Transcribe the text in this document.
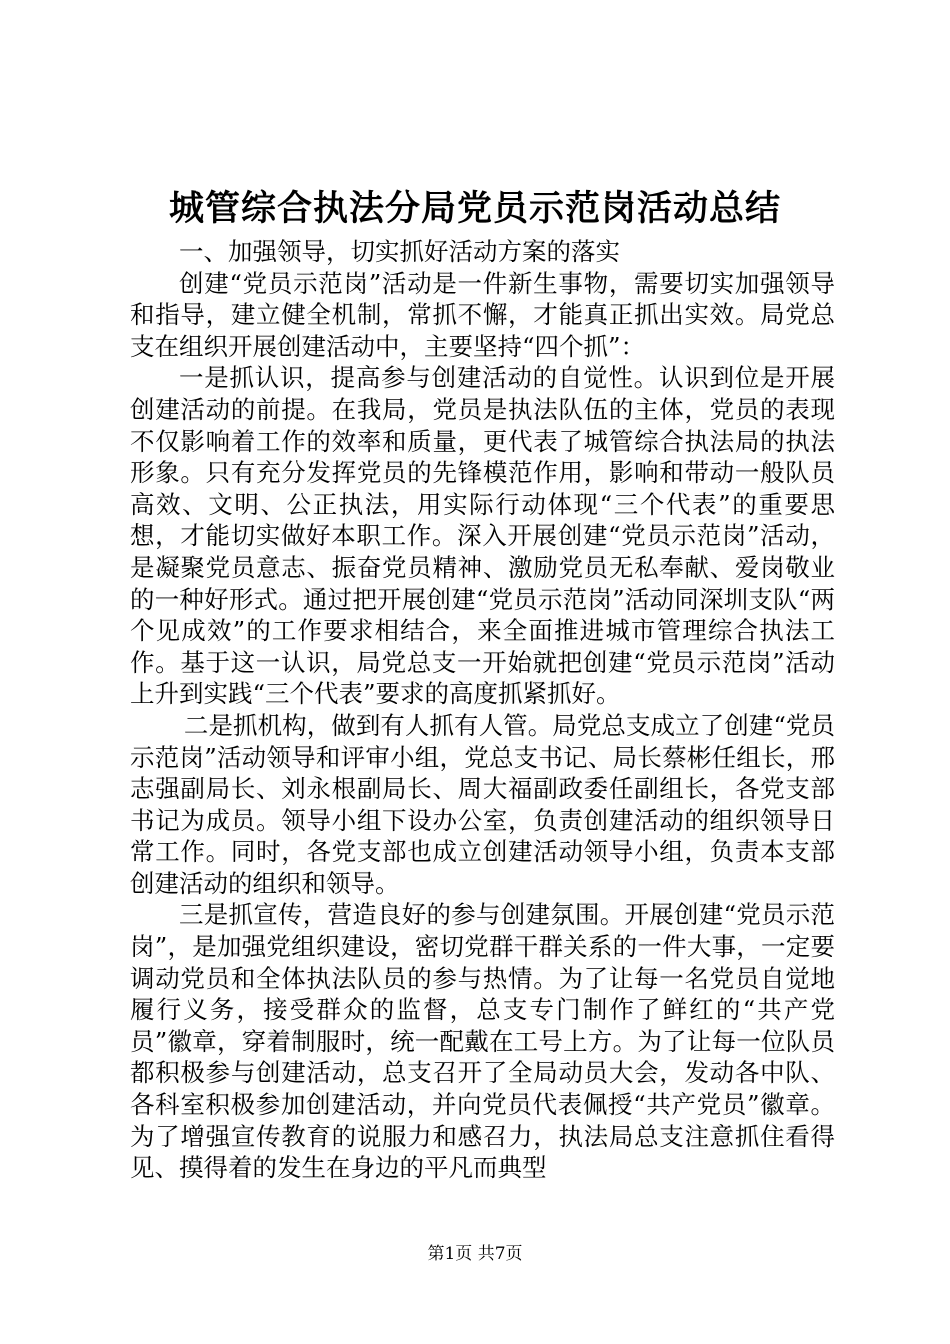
城管综合执法分局党员示范岗活动总结

一、加强领导，切实抓好活动方案的落实

创建“党员示范岗”活动是一件新生事物，需要切实加强领导和指导，建立健全机制，常抓不懈，才能真正抓出实效。局党总支在组织开展创建活动中，主要坚持“四个抓”：

一是抓认识，提高参与创建活动的自觉性。认识到位是开展创建活动的前提。在我局，党员是执法队伍的主体，党员的表现不仅影响着工作的效率和质量，更代表了城管综合执法局的执法形象。只有充分发挥党员的先锋模范作用，影响和带动一般队员高效、文明、公正执法，用实际行动体现“三个代表”的重要思想，才能切实做好本职工作。深入开展创建“党员示范岗”活动，是凝聚党员意志、振奋党员精神、激励党员无私奉献、爱岗敬业的一种好形式。通过把开展创建“党员示范岗”活动同深圳支队“两个见成效”的工作要求相结合，来全面推进城市管理综合执法工作。基于这一认识，局党总支一开始就把创建“党员示范岗”活动上升到实践“三个代表”要求的高度抓紧抓好。

二是抓机构，做到有人抓有人管。局党总支成立了创建“党员示范岗”活动领导和评审小组，党总支书记、局长蔡彬任组长，邢志强副局长、刘永根副局长、周大福副政委任副组长，各党支部书记为成员。领导小组下设办公室，负责创建活动的组织领导日常工作。同时，各党支部也成立创建活动领导小组，负责本支部创建活动的组织和领导。

三是抓宣传，营造良好的参与创建氛围。开展创建“党员示范岗”，是加强党组织建设，密切党群干群关系的一件大事，一定要调动党员和全体执法队员的参与热情。为了让每一名党员自觉地履行义务，接受群众的监督，总支专门制作了鲜红的“共产党员”徽章，穿着制服时，统一配戴在工号上方。为了让每一位队员都积极参与创建活动，总支召开了全局动员大会，发动各中队、各科室积极参加创建活动，并向党员代表佩授“共产党员”徽章。为了增强宣传教育的说服力和感召力，执法局总支注意抓住看得见、摸得着的发生在身边的平凡而典型

第1页 共7页
